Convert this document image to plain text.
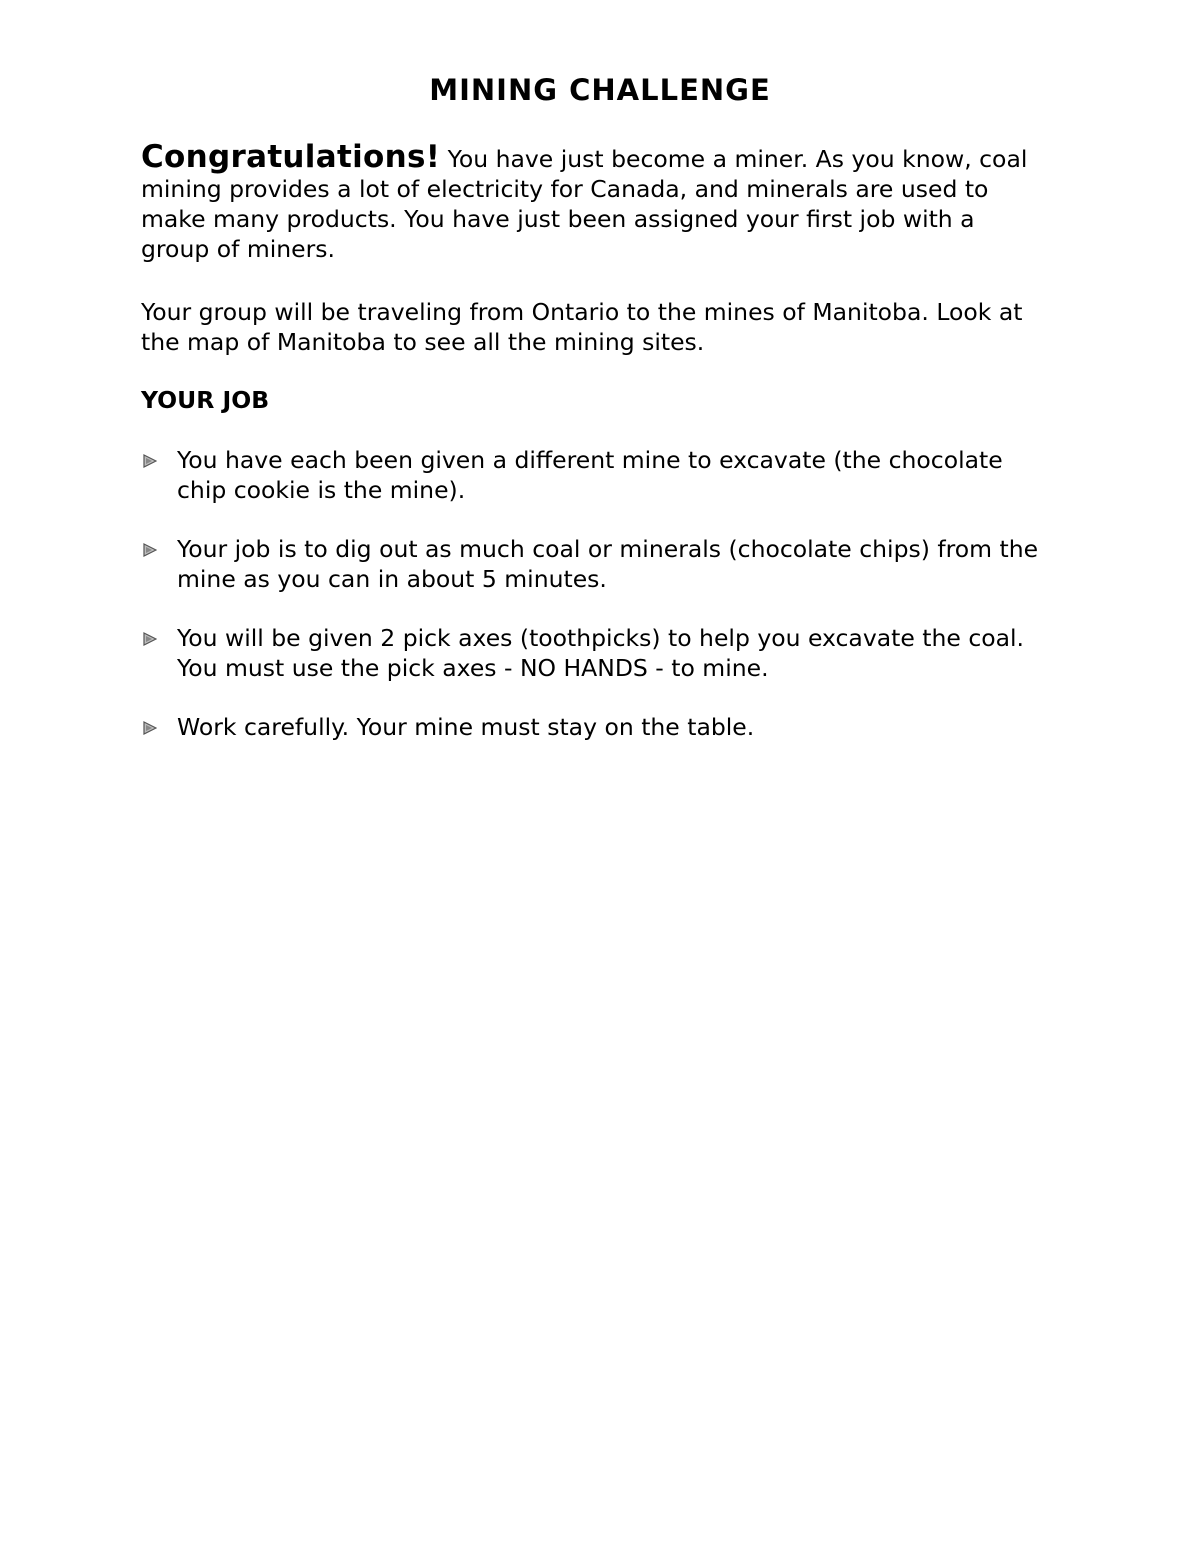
MINING CHALLENGE

Congratulations! You have just become a miner. As you know, coal mining provides a lot of electricity for Canada, and minerals are used to make many products. You have just been assigned your first job with a group of miners.

Your group will be traveling from Ontario to the mines of Manitoba. Look at the map of Manitoba to see all the mining sites.

YOUR JOB
You have each been given a different mine to excavate (the chocolate chip cookie is the mine).
Your job is to dig out as much coal or minerals (chocolate chips) from the mine as you can in about 5 minutes.
You will be given 2 pick axes (toothpicks) to help you excavate the coal. You must use the pick axes - NO HANDS - to mine.
Work carefully. Your mine must stay on the table.
